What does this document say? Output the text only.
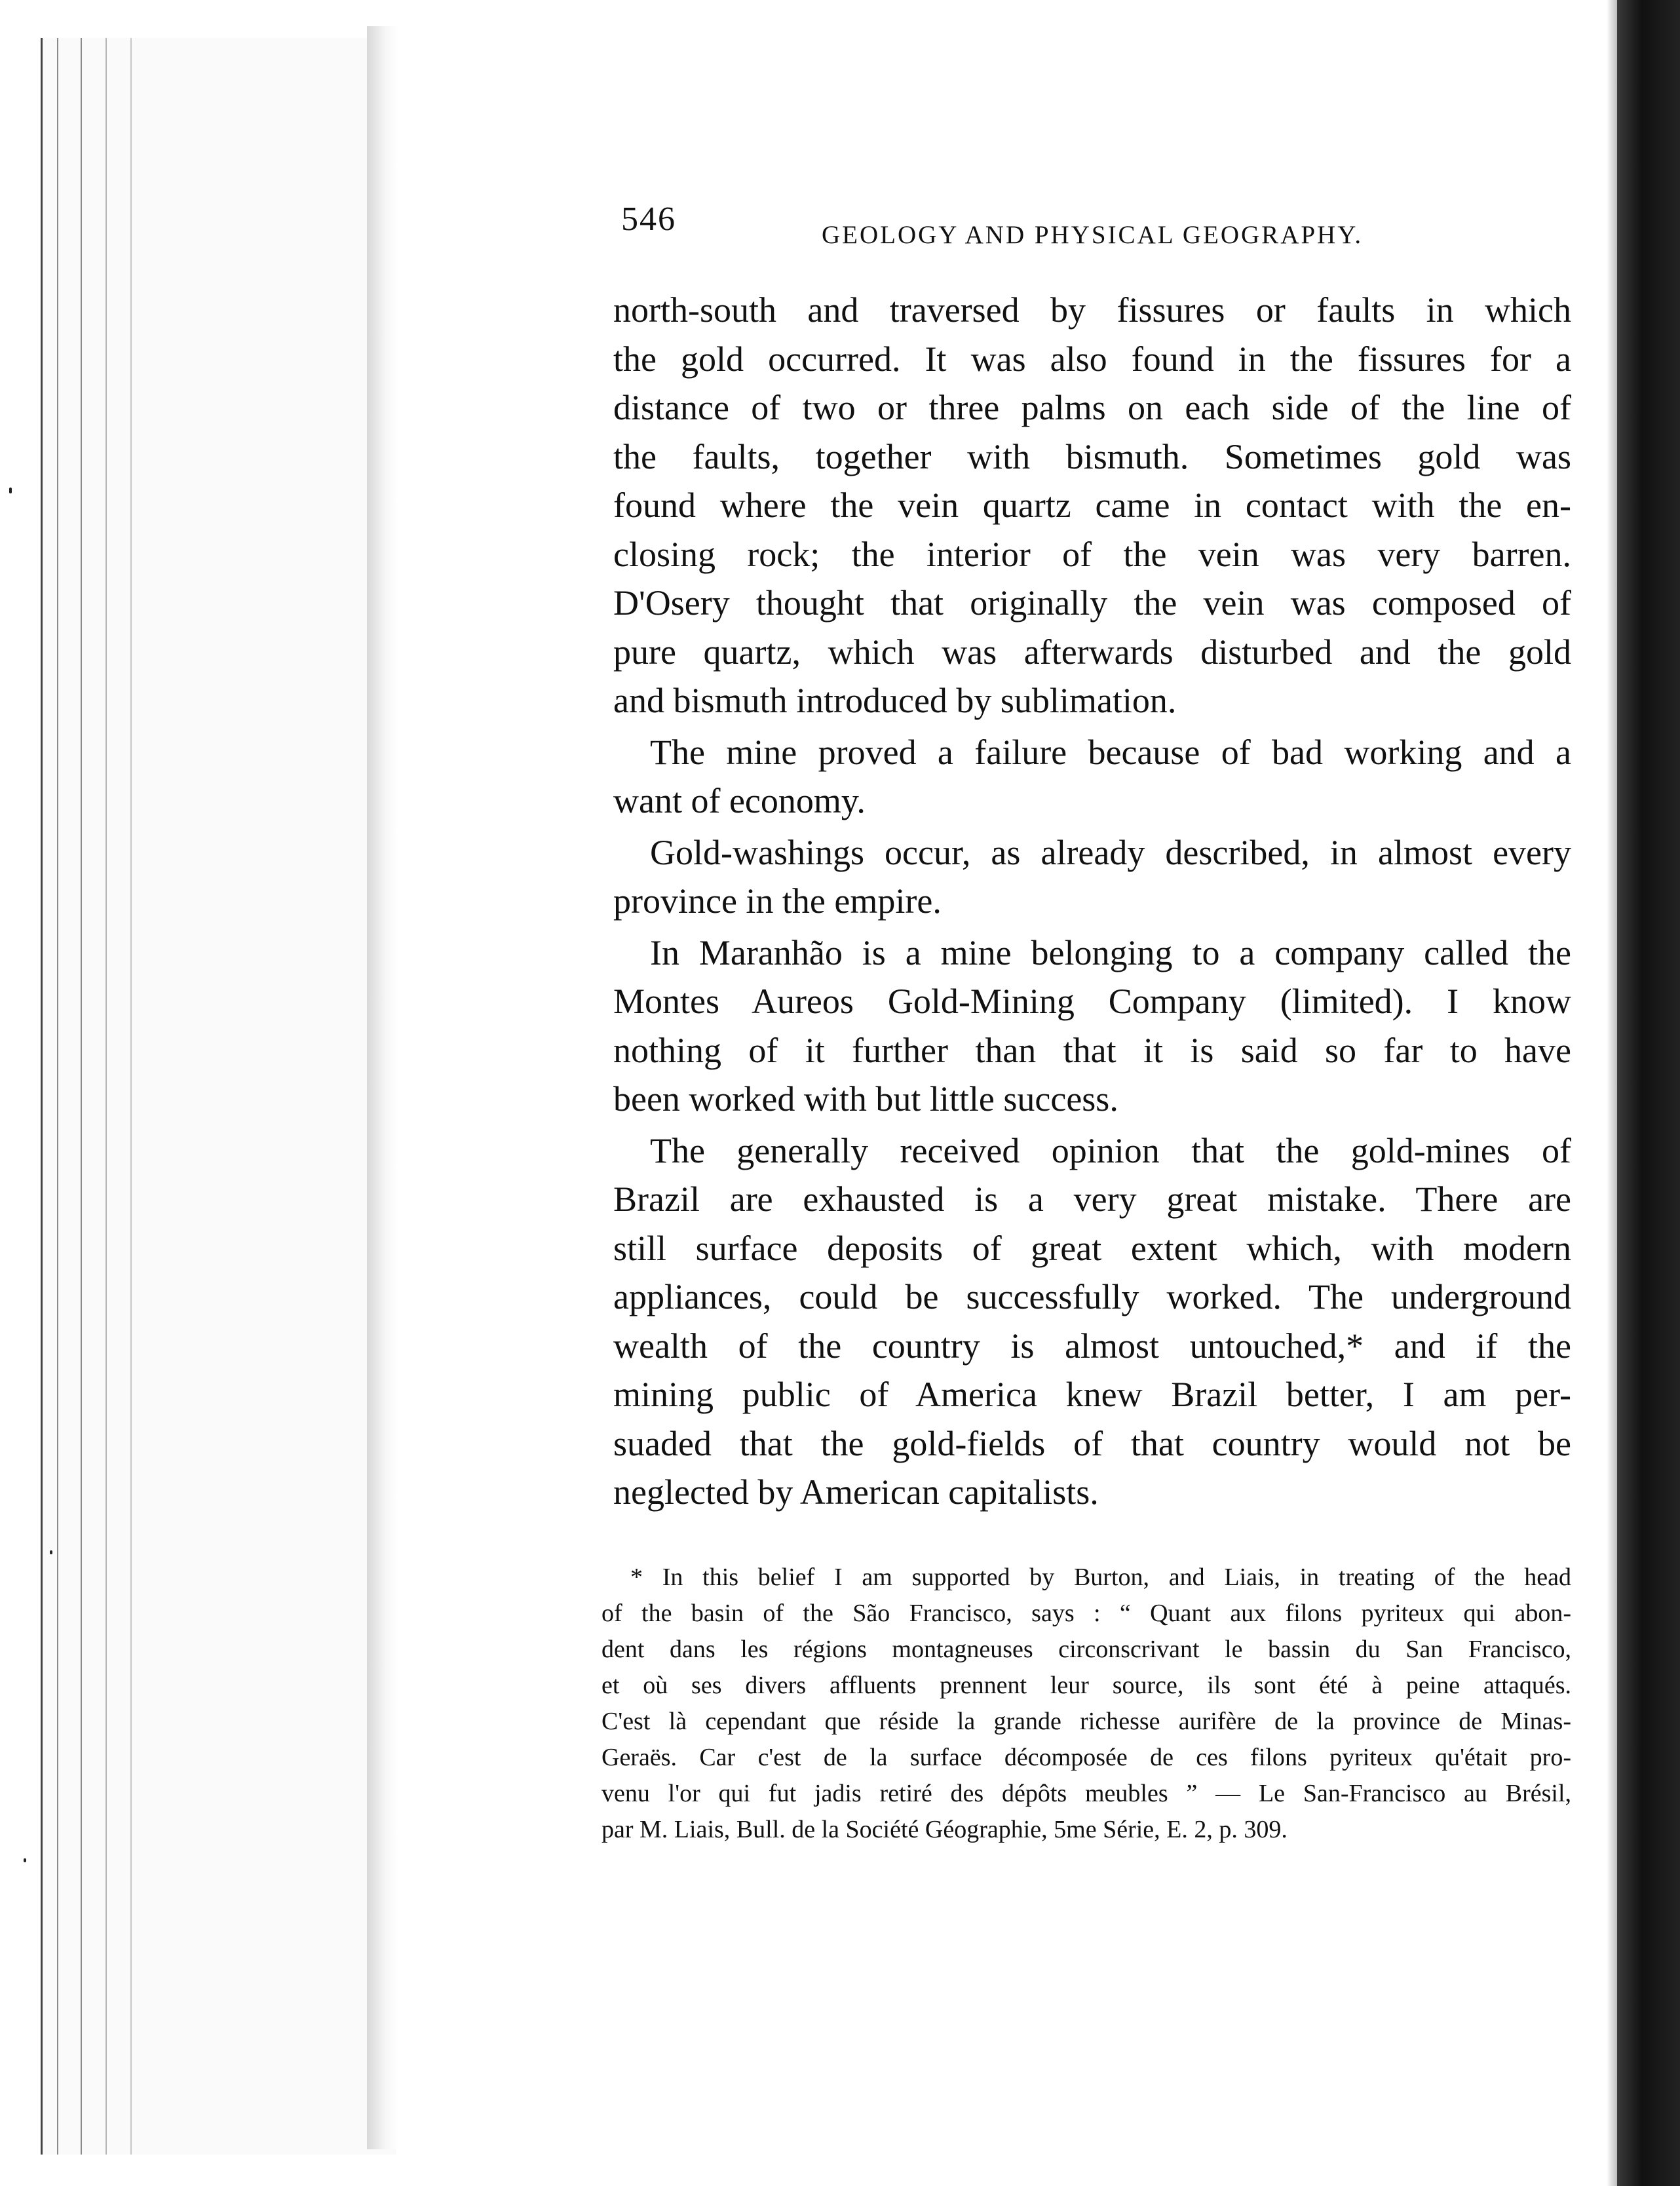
546	GEOLOGY AND PHYSICAL GEOGRAPHY.
north-south and traversed by fissures or faults in which
the gold occurred. It was also found in the fissures for a
distance of two or three palms on each side of the line of
the faults, together with bismuth. Sometimes gold was
found where the vein quartz came in contact with the en-
closing rock; the interior of the vein was very barren.
D'Osery thought that originally the vein was composed of
pure quartz, which was afterwards disturbed and the gold
and bismuth introduced by sublimation.
The mine proved a failure because of bad working and a
want of economy.
Gold-washings occur, as already described, in almost every
province in the empire.
In Maranhão is a mine belonging to a company called the
Montes Aureos Gold-Mining Company (limited). I know
nothing of it further than that it is said so far to have
been worked with but little success.
The generally received opinion that the gold-mines of
Brazil are exhausted is a very great mistake. There are
still surface deposits of great extent which, with modern
appliances, could be successfully worked. The underground
wealth of the country is almost untouched,* and if the
mining public of America knew Brazil better, I am per-
suaded that the gold-fields of that country would not be
neglected by American capitalists.
* In this belief I am supported by Burton, and Liais, in treating of the head
of the basin of the São Francisco, says : “ Quant aux filons pyriteux qui abon-
dent dans les régions montagneuses circonscrivant le bassin du San Francisco,
et où ses divers affluents prennent leur source, ils sont été à peine attaqués.
C'est là cependant que réside la grande richesse aurifère de la province de Minas-
Geraës. Car c'est de la surface décomposée de ces filons pyriteux qu'était pro-
venu l'or qui fut jadis retiré des dépôts meubles ” — Le San-Francisco au Brésil,
par M. Liais, Bull. de la Société Géographie, 5me Série, E. 2, p. 309.
